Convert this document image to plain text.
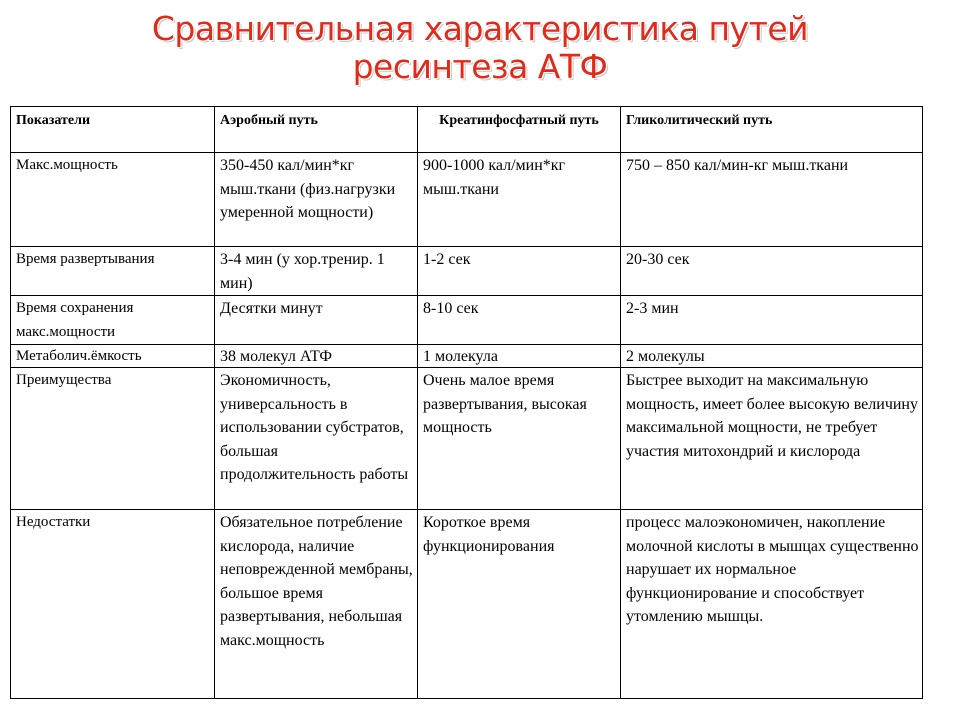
Сравнительная характеристика путей
ресинтеза АТФ
Показатели	Аэробный путь	Креатинфосфатный путь	Гликолитический путь
Макс.мощность	350-450 кал/мин*кг мыш.ткани (физ.нагрузки умеренной мощности)	900-1000 кал/мин*кг мыш.ткани	750 – 850 кал/мин-кг мыш.ткани
Время развертывания	3-4 мин (у хор.тренир. 1 мин)	1-2 сек	20-30 сек
Время сохранения макс.мощности	Десятки минут	8-10 сек	2-3 мин
Метаболич.ёмкость	38 молекул АТФ	1 молекула	2 молекулы
Преимущества	Экономичность, универсальность в использовании субстратов, большая продолжительность работы	Очень малое время развертывания, высокая мощность	Быстрее выходит на максимальную мощность, имеет более высокую величину максимальной мощности, не требует участия митохондрий и кислорода
Недостатки	Обязательное потребление кислорода, наличие неповрежденной мембраны, большое время развертывания, небольшая макс.мощность	Короткое время функционирования	процесс малоэкономичен, накопление молочной кислоты в мышцах существенно нарушает их нормальное функционирование и способствует утомлению мышцы.
